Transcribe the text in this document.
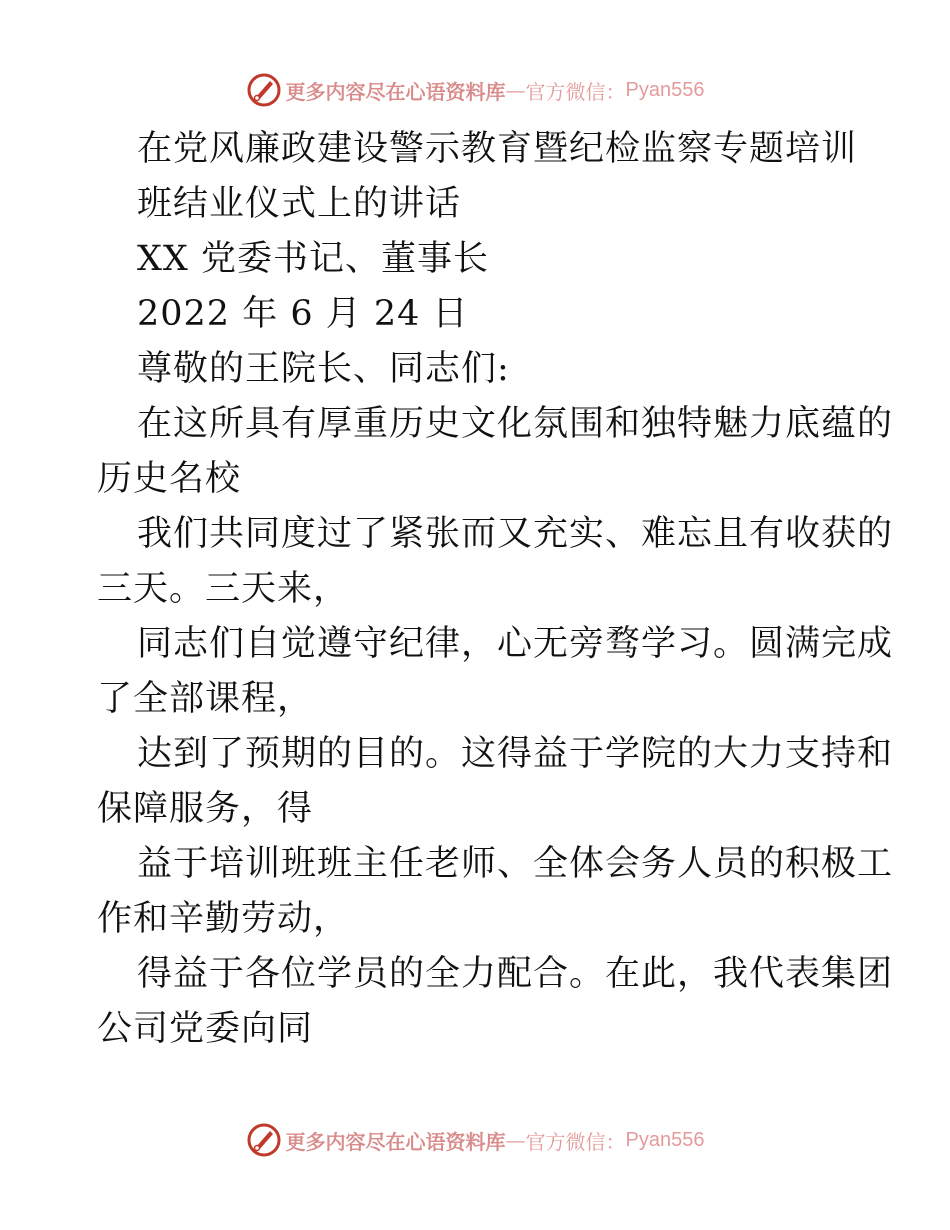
更多内容尽在心语资料库 — 官方微信： Pyan556
在党风廉政建设警示教育暨纪检监察专题培训
班结业仪式上的讲话
XX 党委书记、董事长
2022 年 6 月 24 日
尊敬的王院长、同志们:
在这所具有厚重历史文化氛围和独特魅力底蕴的
历史名校
我们共同度过了紧张而又充实、难忘且有收获的
三天。三天来，
同志们自觉遵守纪律，心无旁骛学习。圆满完成
了全部课程，
达到了预期的目的。这得益于学院的大力支持和
保障服务，得
益于培训班班主任老师、全体会务人员的积极工
作和辛勤劳动，
得益于各位学员的全力配合。在此，我代表集团
公司党委向同
更多内容尽在心语资料库 — 官方微信： Pyan556
